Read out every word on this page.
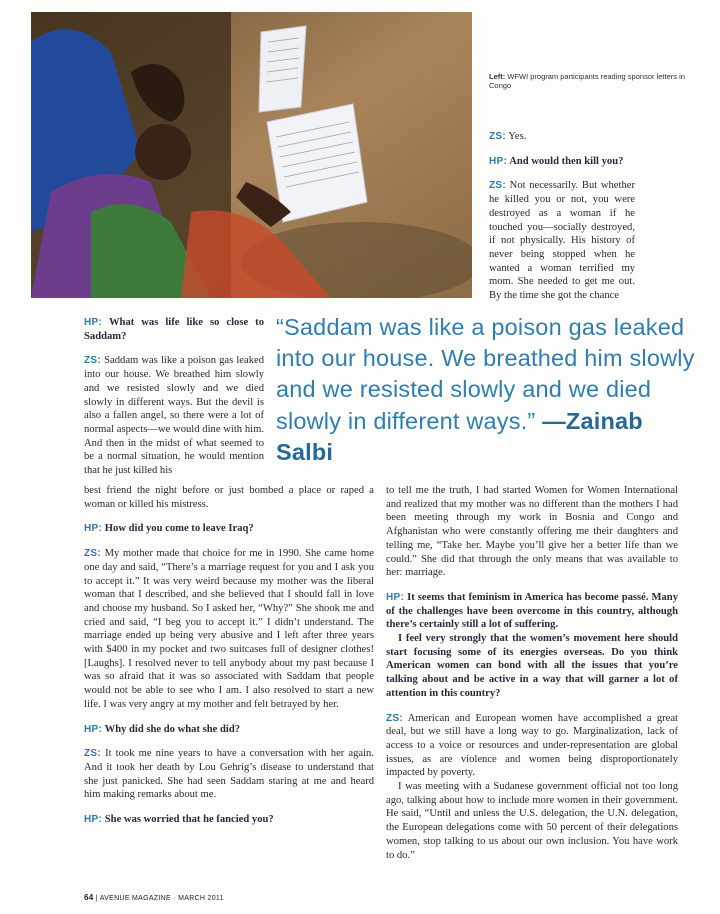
Left: WFWI program participants reading sponsor letters in Congo

ZS: Yes.

HP: And would then kill you?

ZS: Not necessarily. But whether he killed you or not, you were destroyed as a woman if he touched you—socially destroyed, if not physically. His history of never being stopped when he wanted a woman terrified my mom. She needed to get me out. By the time she got the chance

HP: What was life like so close to Saddam?

ZS: Saddam was like a poison gas leaked into our house. We breathed him slowly and we resisted slowly and we died slowly in different ways. But the devil is also a fallen angel, so there were a lot of normal aspects—we would dine with him. And then in the midst of what seemed to be a normal situation, he would mention that he just killed his

“Saddam was like a poison gas leaked into our house. We breathed him slowly and we resisted slowly and we died slowly in different ways.” —Zainab Salbi

best friend the night before or just bombed a place or raped a woman or killed his mistress.

HP: How did you come to leave Iraq?

ZS: My mother made that choice for me in 1990. She came home one day and said, “There’s a marriage request for you and I ask you to accept it.” It was very weird because my mother was the liberal woman that I described, and she believed that I should fall in love and choose my husband. So I asked her, “Why?” She shook me and cried and said, “I beg you to accept it.” I didn’t understand. The marriage ended up being very abusive and I left after three years with $400 in my pocket and two suitcases full of designer clothes! [Laughs]. I resolved never to tell anybody about my past because I was so afraid that it was so associated with Saddam that people would not be able to see who I am. I also resolved to start a new life. I was very angry at my mother and felt betrayed by her.

HP: Why did she do what she did?

ZS: It took me nine years to have a conversation with her again. And it took her death by Lou Gehrig’s disease to understand that she just panicked. She had seen Saddam staring at me and heard him making remarks about me.

HP: She was worried that he fancied you?

to tell me the truth, I had started Women for Women International and realized that my mother was no different than the mothers I had been meeting through my work in Bosnia and Congo and Afghanistan who were constantly offering me their daughters and telling me, “Take her. Maybe you’ll give her a better life than we could.” She did that through the only means that was available to her: marriage.

HP: It seems that feminism in America has become passé. Many of the challenges have been overcome in this country, although there’s certainly still a lot of suffering.

I feel very strongly that the women’s movement here should start focusing some of its energies overseas. Do you think American women can bond with all the issues that you’re talking about and be active in a way that will garner a lot of attention in this country?

ZS: American and European women have accomplished a great deal, but we still have a long way to go. Marginalization, lack of access to a voice or resources and under-representation are global issues, as are violence and women being disproportionately impacted by poverty.

I was meeting with a Sudanese government official not too long ago, talking about how to include more women in their government. He said, “Until and unless the U.S. delegation, the U.N. delegation, the European delegations come with 50 percent of their delegations women, stop talking to us about our own inclusion. You have work to do.”

64 | AVENUE MAGAZINE · MARCH 2011
